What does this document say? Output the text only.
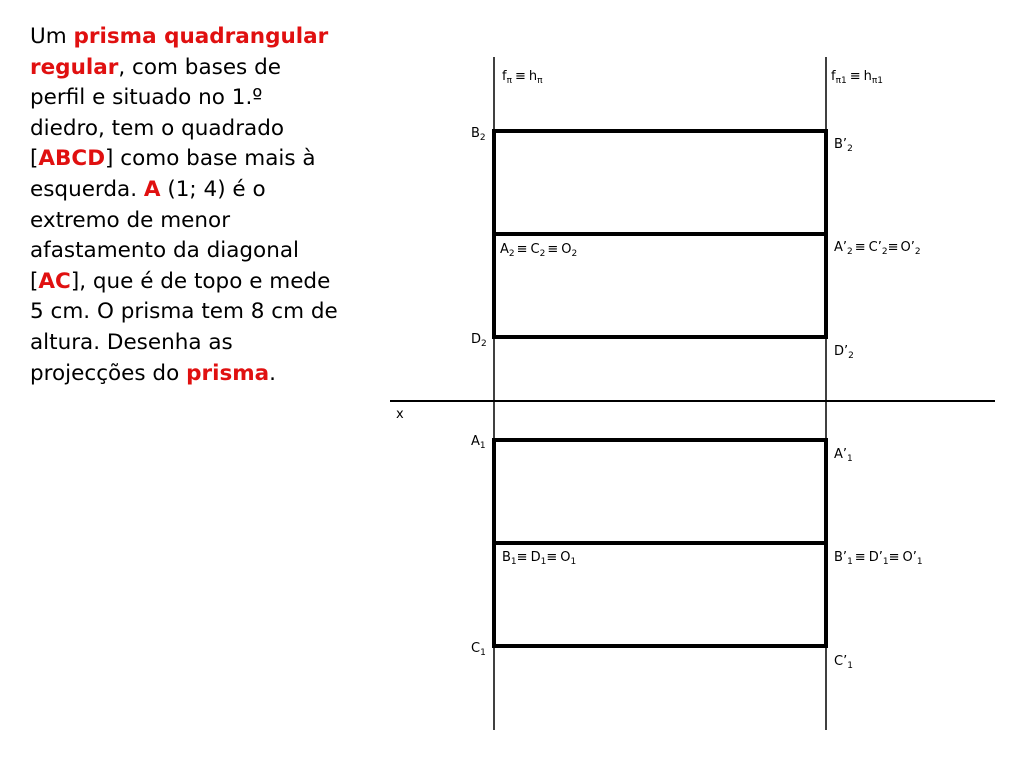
Um prisma quadrangular regular, com bases de perfil e situado no 1.º diedro, tem o quadrado [ABCD] como base mais à esquerda. A (1; 4) é o extremo de menor afastamento da diagonal [AC], que é de topo e mede 5 cm. O prisma tem 8 cm de altura. Desenha as projecções do prisma.

$f_\pi \equiv h_\pi$	$f_{\pi 1} \equiv h_{\pi 1}$
x
$B_2$	$B’_2$
$A_2 \equiv C_2 \equiv O_2$	$A’_2$ ≡ $C’_2\equiv$ $O’_2$
$D_2$	$D’_2$
$A_1$
$A’_1$
$B_1\equiv D_1\equiv O_1$	$B’_1$ ≡ $D’_1\equiv$ $O’_1$
$C_1$
$C’_1$
